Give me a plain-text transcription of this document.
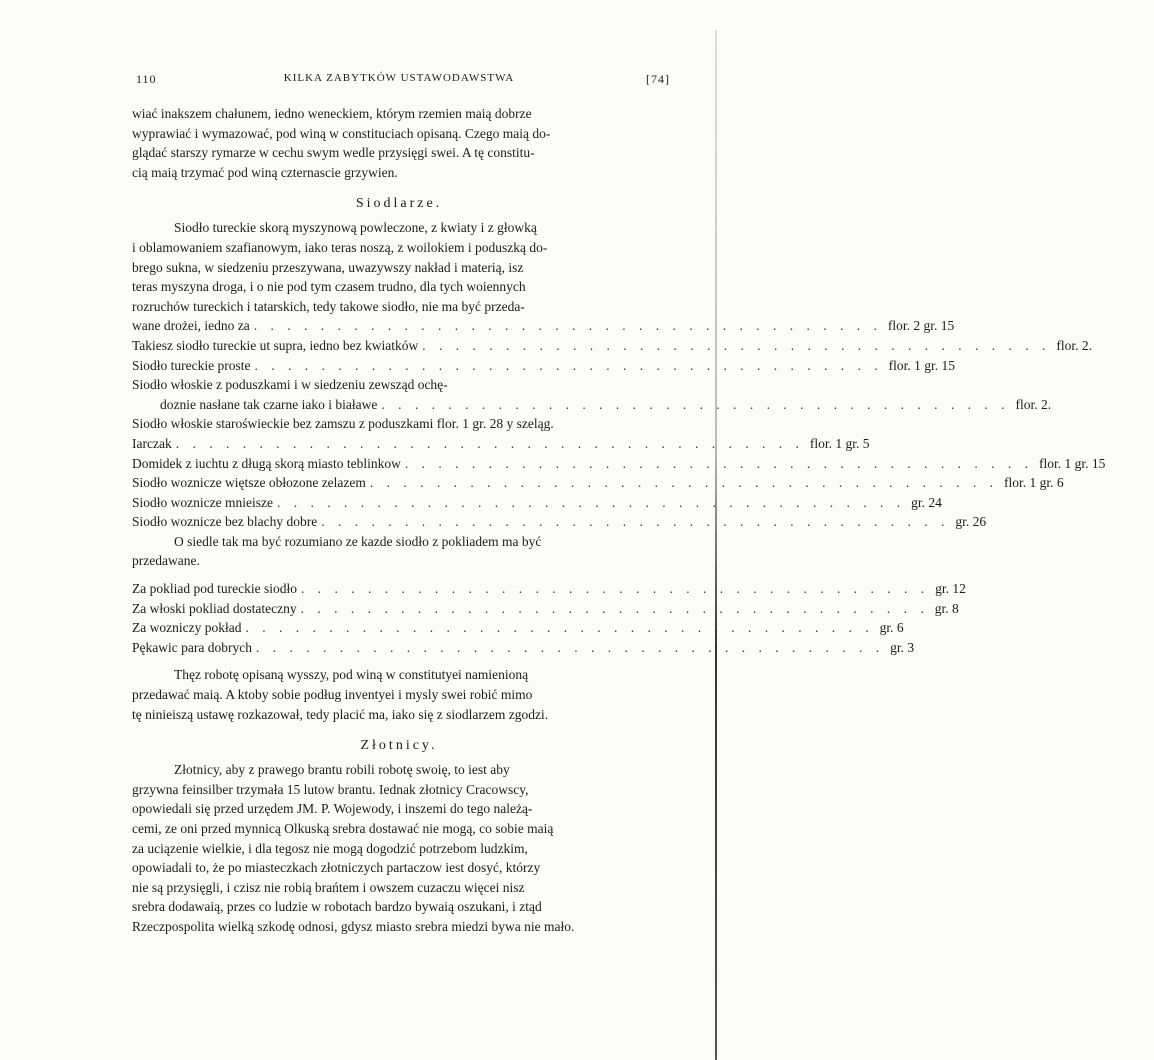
110	KILKA ZABYTKÓW USTAWODAWSTWA	[74]
wiać inakszem chałunem, iedno weneckiem, którym rzemien maią dobrze
wyprawiać i wymazować, pod winą w constituciach opisaną. Czego maią do-
glądać starszy rymarze w cechu swym wedle przysięgi swei. A tę constitu-
cią maią trzymać pod winą czternascie grzywien.
Siodlarze.
Siodło tureckie skorą myszynową powleczone, z kwiaty i z głowką
i oblamowaniem szafianowym, iako teras noszą, z woilokiem i poduszką do-
brego sukna, w siedzeniu przeszywana, uwazywszy nakład i materią, isz
teras myszyna droga, i o nie pod tym czasem trudno, dla tych woiennych
rozruchów tureckich i tatarskich, tedy takowe siodło, nie ma być przeda-
wane drożei, iedno za . . . . . . . . . . . . . . . . . . . . . . . . . . . . . . . . . . . . . . flor. 2 gr. 15
Takiesz siodło tureckie ut supra, iedno bez kwiatków . . . . . . . . . . . . . . . . . . . . . . . . . . . . . . . . . . . . . . flor. 2.
Siodło tureckie proste . . . . . . . . . . . . . . . . . . . . . . . . . . . . . . . . . . . . . . flor. 1 gr. 15
Siodło włoskie z poduszkami i w siedzeniu zewsząd ochę-
doznie nasłane tak czarne iako i białawe . . . . . . . . . . . . . . . . . . . . . . . . . . . . . . . . . . . . . . flor. 2.
Siodło włoskie staroświeckie bez zamszu z poduszkami flor. 1 gr. 28 y szeląg.
Iarczak . . . . . . . . . . . . . . . . . . . . . . . . . . . . . . . . . . . . . . flor. 1 gr. 5
Domidek z iuchtu z długą skorą miasto teblinkow . . . . . . . . . . . . . . . . . . . . . . . . . . . . . . . . . . . . . . flor. 1 gr. 15
Siodło woznicze więtsze obłozone zelazem . . . . . . . . . . . . . . . . . . . . . . . . . . . . . . . . . . . . . . flor. 1 gr. 6
Siodło woznicze mnieisze . . . . . . . . . . . . . . . . . . . . . . . . . . . . . . . . . . . . . . gr. 24
Siodło woznicze bez blachy dobre . . . . . . . . . . . . . . . . . . . . . . . . . . . . . . . . . . . . . . gr. 26
O siedle tak ma być rozumiano ze kazde siodło z pokliadem ma być
przedawane.
Za pokliad pod tureckie siodło . . . . . . . . . . . . . . . . . . . . . . . . . . . . . . . . . . . . . . gr. 12
Za włoski pokliad dostateczny . . . . . . . . . . . . . . . . . . . . . . . . . . . . . . . . . . . . . . gr. 8
Za wozniczy pokład . . . . . . . . . . . . . . . . . . . . . . . . . . . . . . . . . . . . . . gr. 6
Pękawic para dobrych . . . . . . . . . . . . . . . . . . . . . . . . . . . . . . . . . . . . . . gr. 3
Thęz robotę opisaną wysszy, pod winą w constitutyei namienioną
przedawać maią. A ktoby sobie podług inventyei i mysly swei robić mimo
tę ninieiszą ustawę rozkazował, tedy placić ma, iako się z siodlarzem zgodzi.
Złotnicy.
Złotnicy, aby z prawego brantu robili robotę swoię, to iest aby
grzywna feinsilber trzymała 15 lutow brantu. Iednak złotnicy Cracowscy,
opowiedali się przed urzędem JM. P. Wojewody, i inszemi do tego należą-
cemi, ze oni przed mynnicą Olkuską srebra dostawać nie mogą, co sobie maią
za uciązenie wielkie, i dla tegosz nie mogą dogodzić potrzebom ludzkim,
opowiadali to, że po miasteczkach złotniczych partaczow iest dosyć, którzy
nie są przysięgli, i czisz nie robią brańtem i owszem cuzaczu więcei nisz
srebra dodawaią, przes co ludzie w robotach bardzo bywaią oszukani, i ztąd
Rzeczpospolita wielką szkodę odnosi, gdysz miasto srebra miedzi bywa nie mało.
